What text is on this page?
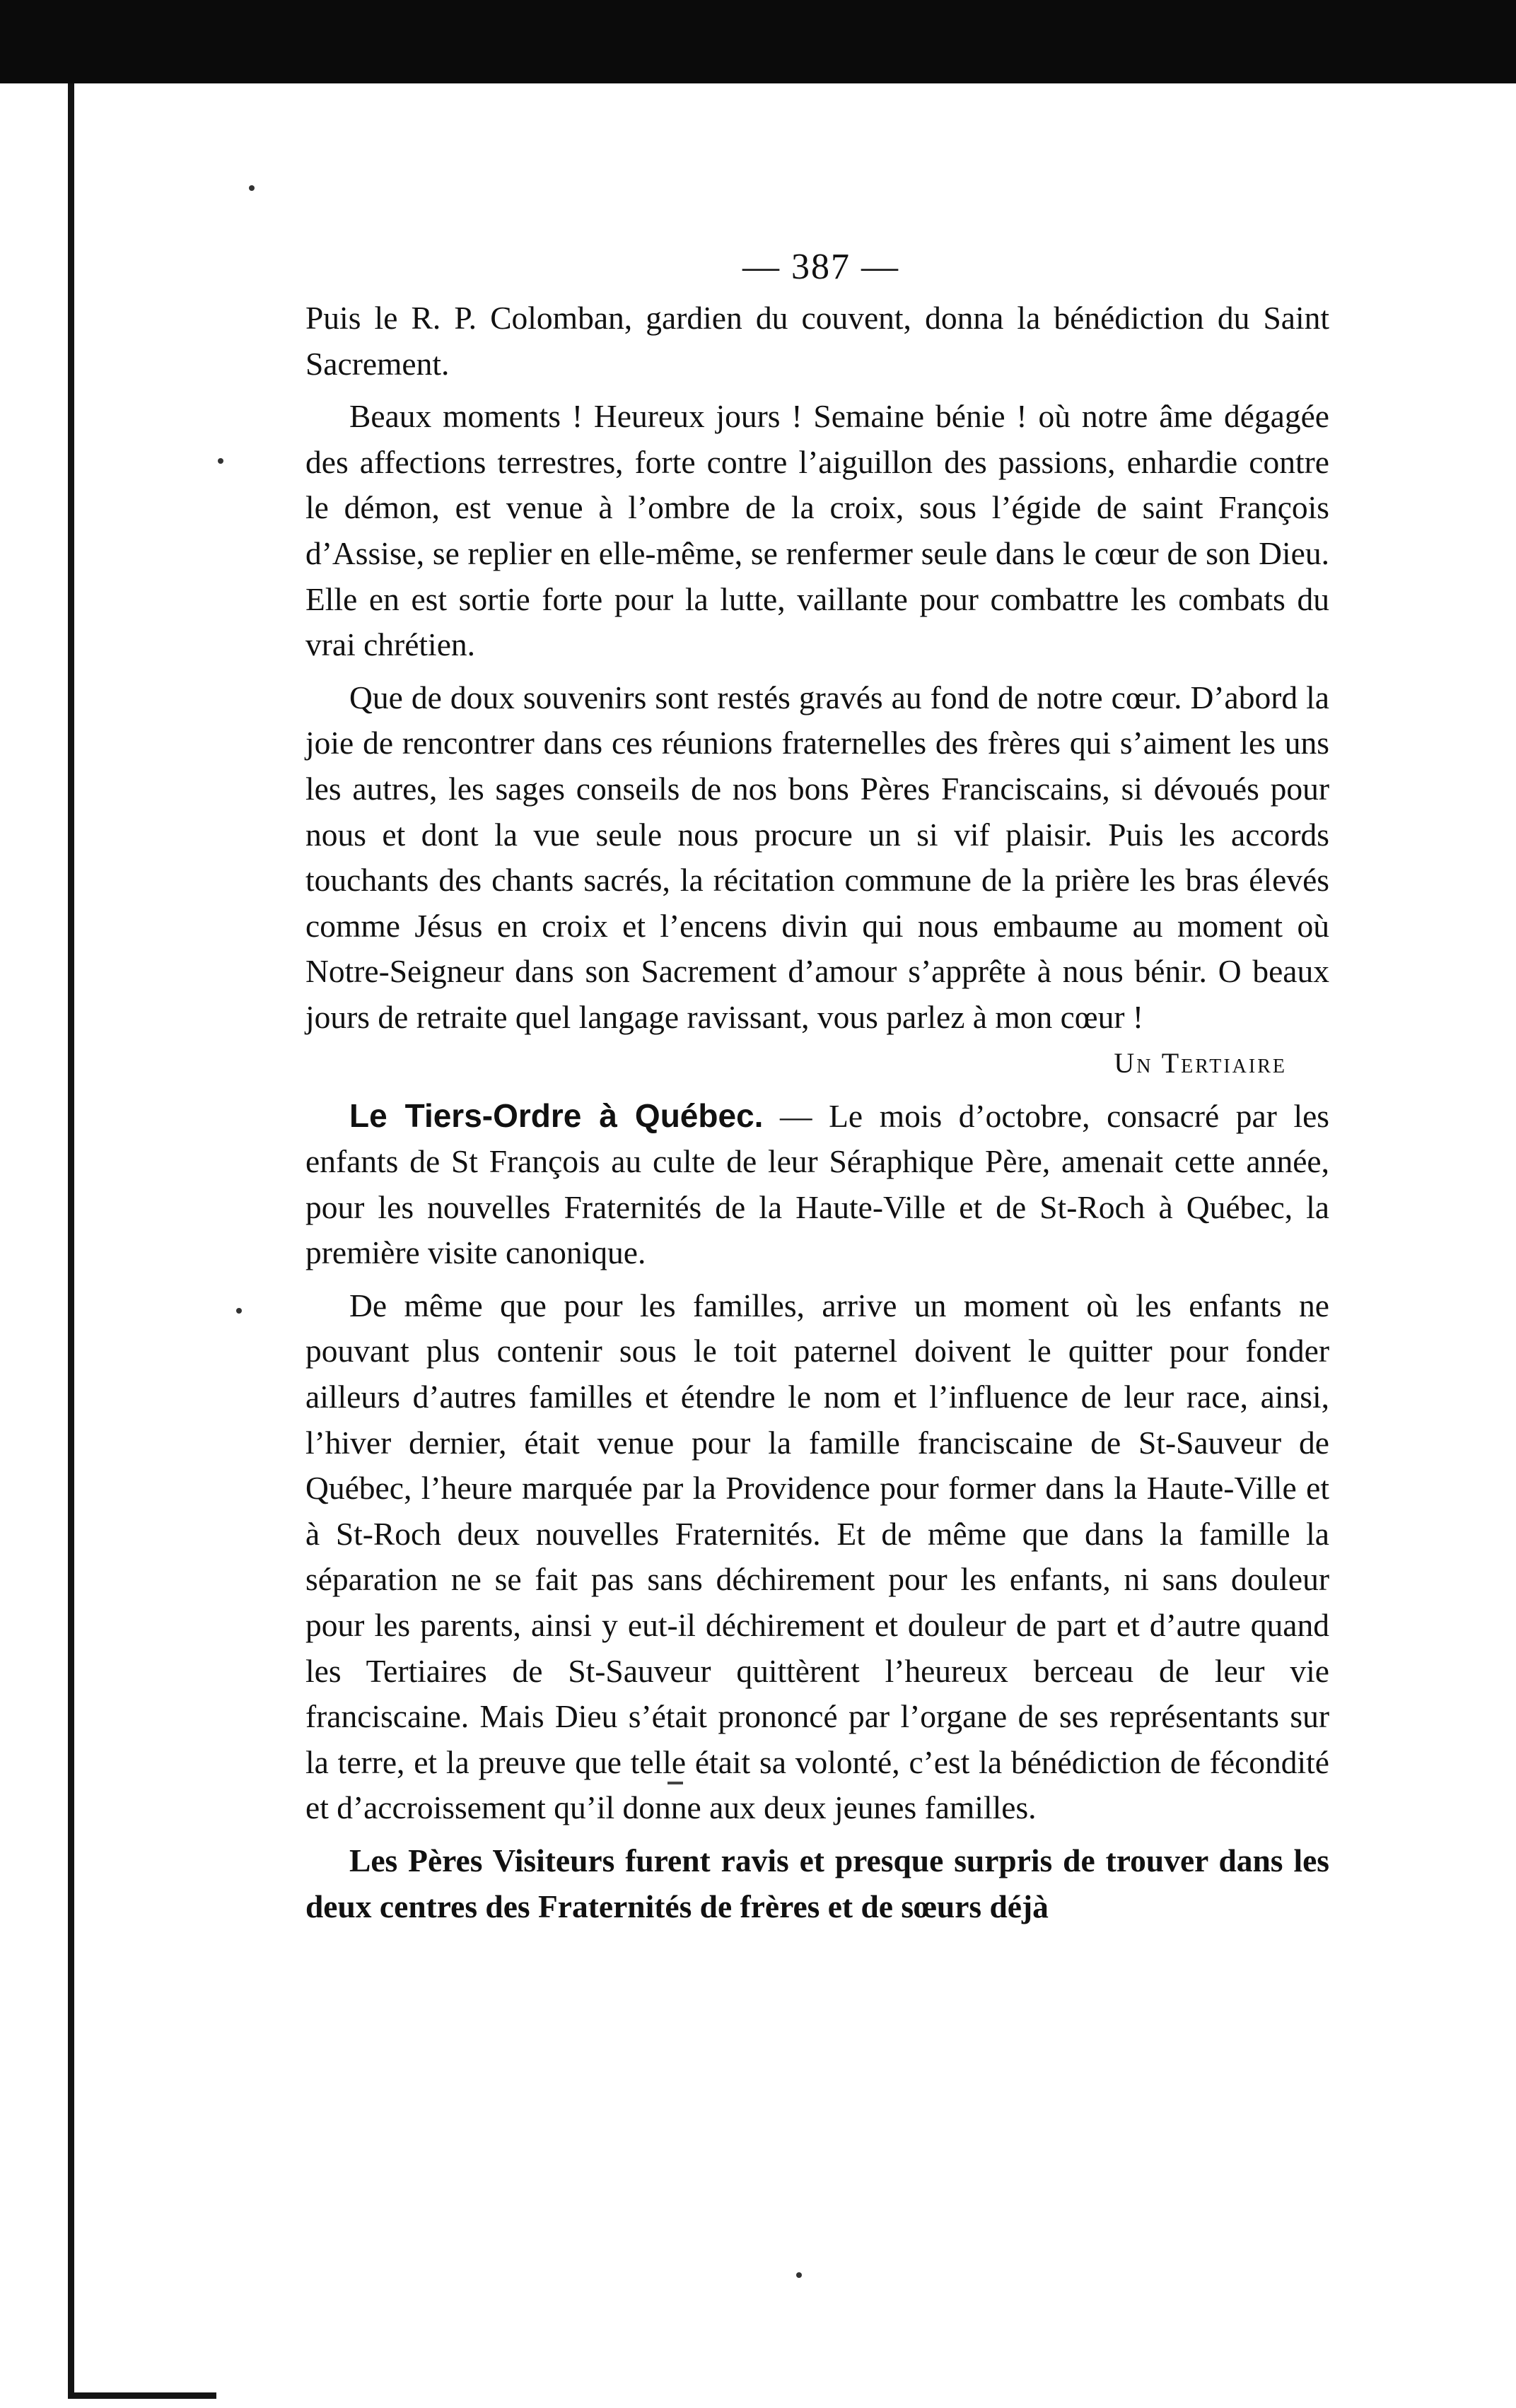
— 387 —

Puis le R. P. Colomban, gardien du couvent, donna la bénédiction du Saint Sacrement.

Beaux moments ! Heureux jours ! Semaine bénie ! où notre âme dégagée des affections terrestres, forte contre l’aiguillon des passions, enhardie contre le démon, est venue à l’ombre de la croix, sous l’égide de saint François d’Assise, se replier en elle-même, se renfermer seule dans le cœur de son Dieu. Elle en est sortie forte pour la lutte, vaillante pour combattre les combats du vrai chrétien.

Que de doux souvenirs sont restés gravés au fond de notre cœur. D’abord la joie de rencontrer dans ces réunions fraternelles des frères qui s’aiment les uns les autres, les sages conseils de nos bons Pères Franciscains, si dévoués pour nous et dont la vue seule nous procure un si vif plaisir. Puis les accords touchants des chants sacrés, la récitation commune de la prière les bras élevés comme Jésus en croix et l’encens divin qui nous embaume au moment où Notre-Seigneur dans son Sacrement d’amour s’apprête à nous bénir. O beaux jours de retraite quel langage ravissant, vous parlez à mon cœur !

Un Tertiaire

Le Tiers-Ordre à Québec. — Le mois d’octobre, consacré par les enfants de St François au culte de leur Séraphique Père, amenait cette année, pour les nouvelles Fraternités de la Haute-Ville et de St-Roch à Québec, la première visite canonique.

De même que pour les familles, arrive un moment où les enfants ne pouvant plus contenir sous le toit paternel doivent le quitter pour fonder ailleurs d’autres familles et étendre le nom et l’influence de leur race, ainsi, l’hiver dernier, était venue pour la famille franciscaine de St-Sauveur de Québec, l’heure marquée par la Providence pour former dans la Haute-Ville et à St-Roch deux nouvelles Fraternités. Et de même que dans la famille la séparation ne se fait pas sans déchirement pour les enfants, ni sans douleur pour les parents, ainsi y eut-il déchirement et douleur de part et d’autre quand les Tertiaires de St-Sauveur quittèrent l’heureux berceau de leur vie franciscaine. Mais Dieu s’était prononcé par l’organe de ses représentants sur la terre, et la preuve que telle était sa volonté, c’est la bénédiction de fécondité et d’accroissement qu’il donne aux deux jeunes familles.

Les Pères Visiteurs furent ravis et presque surpris de trouver dans les deux centres des Fraternités de frères et de sœurs déjà
